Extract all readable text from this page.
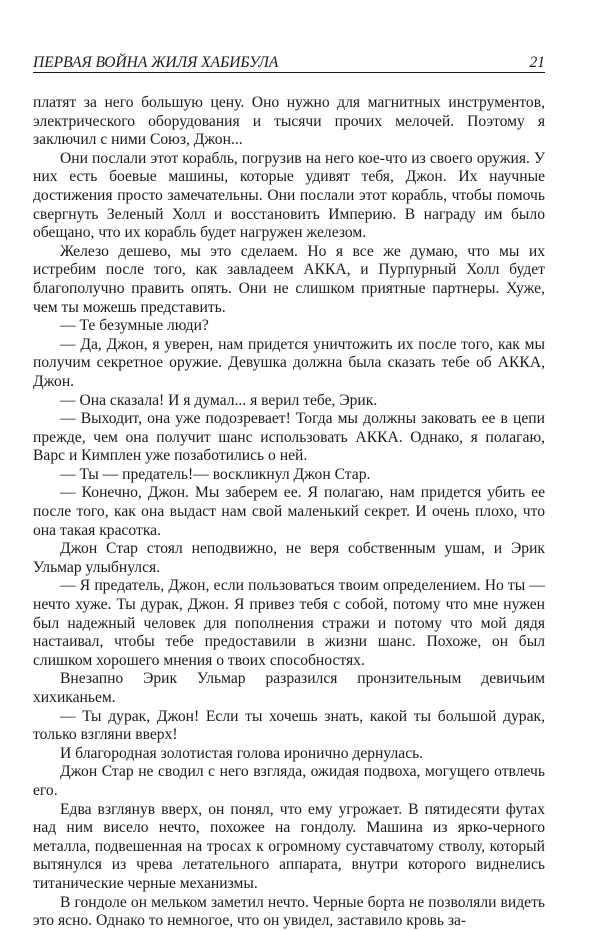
ПЕРВАЯ ВОЙНА ЖИЛЯ ХАБИБУЛА	21

платят за него большую цену. Оно нужно для магнитных инструментов, электрического оборудования и тысячи прочих мелочей. Поэтому я заключил с ними Союз, Джон...

Они послали этот корабль, погрузив на него кое-что из своего оружия. У них есть боевые машины, которые удивят тебя, Джон. Их научные достижения просто замечательны. Они послали этот корабль, чтобы помочь свергнуть Зеленый Холл и восстановить Империю. В награду им было обещано, что их корабль будет нагружен железом.

Железо дешево, мы это сделаем. Но я все же думаю, что мы их истребим после того, как завладеем АККА, и Пурпурный Холл будет благополучно править опять. Они не слишком приятные партнеры. Хуже, чем ты можешь представить.

— Те безумные люди?

— Да, Джон, я уверен, нам придется уничтожить их после того, как мы получим секретное оружие. Девушка должна была сказать тебе об АККА, Джон.

— Она сказала! И я думал... я верил тебе, Эрик.

— Выходит, она уже подозревает! Тогда мы должны заковать ее в цепи прежде, чем она получит шанс использовать АККА. Однако, я полагаю, Варс и Кимплен уже позаботились о ней.

— Ты — предатель!— воскликнул Джон Стар.

— Конечно, Джон. Мы заберем ее. Я полагаю, нам придется убить ее после того, как она выдаст нам свой маленький секрет. И очень плохо, что она такая красотка.

Джон Стар стоял неподвижно, не веря собственным ушам, и Эрик Ульмар улыбнулся.

— Я предатель, Джон, если пользоваться твоим определением. Но ты — нечто хуже. Ты дурак, Джон. Я привез тебя с собой, потому что мне нужен был надежный человек для пополнения стражи и потому что мой дядя настаивал, чтобы тебе предоставили в жизни шанс. Похоже, он был слишком хорошего мнения о твоих способностях.

Внезапно Эрик Ульмар разразился пронзительным девичьим хихиканьем.

— Ты дурак, Джон! Если ты хочешь знать, какой ты большой дурак, только взгляни вверх!

И благородная золотистая голова иронично дернулась.

Джон Стар не сводил с него взгляда, ожидая подвоха, могущего отвлечь его.

Едва взглянув вверх, он понял, что ему угрожает. В пятидесяти футах над ним висело нечто, похожее на гондолу. Машина из ярко-черного металла, подвешенная на тросах к огромному суставчатому стволу, который вытянулся из чрева летательного аппарата, внутри которого виднелись титанические черные механизмы.

В гондоле он мельком заметил нечто. Черные борта не позволяли видеть это ясно. Однако то немногое, что он увидел, заставило кровь за-
